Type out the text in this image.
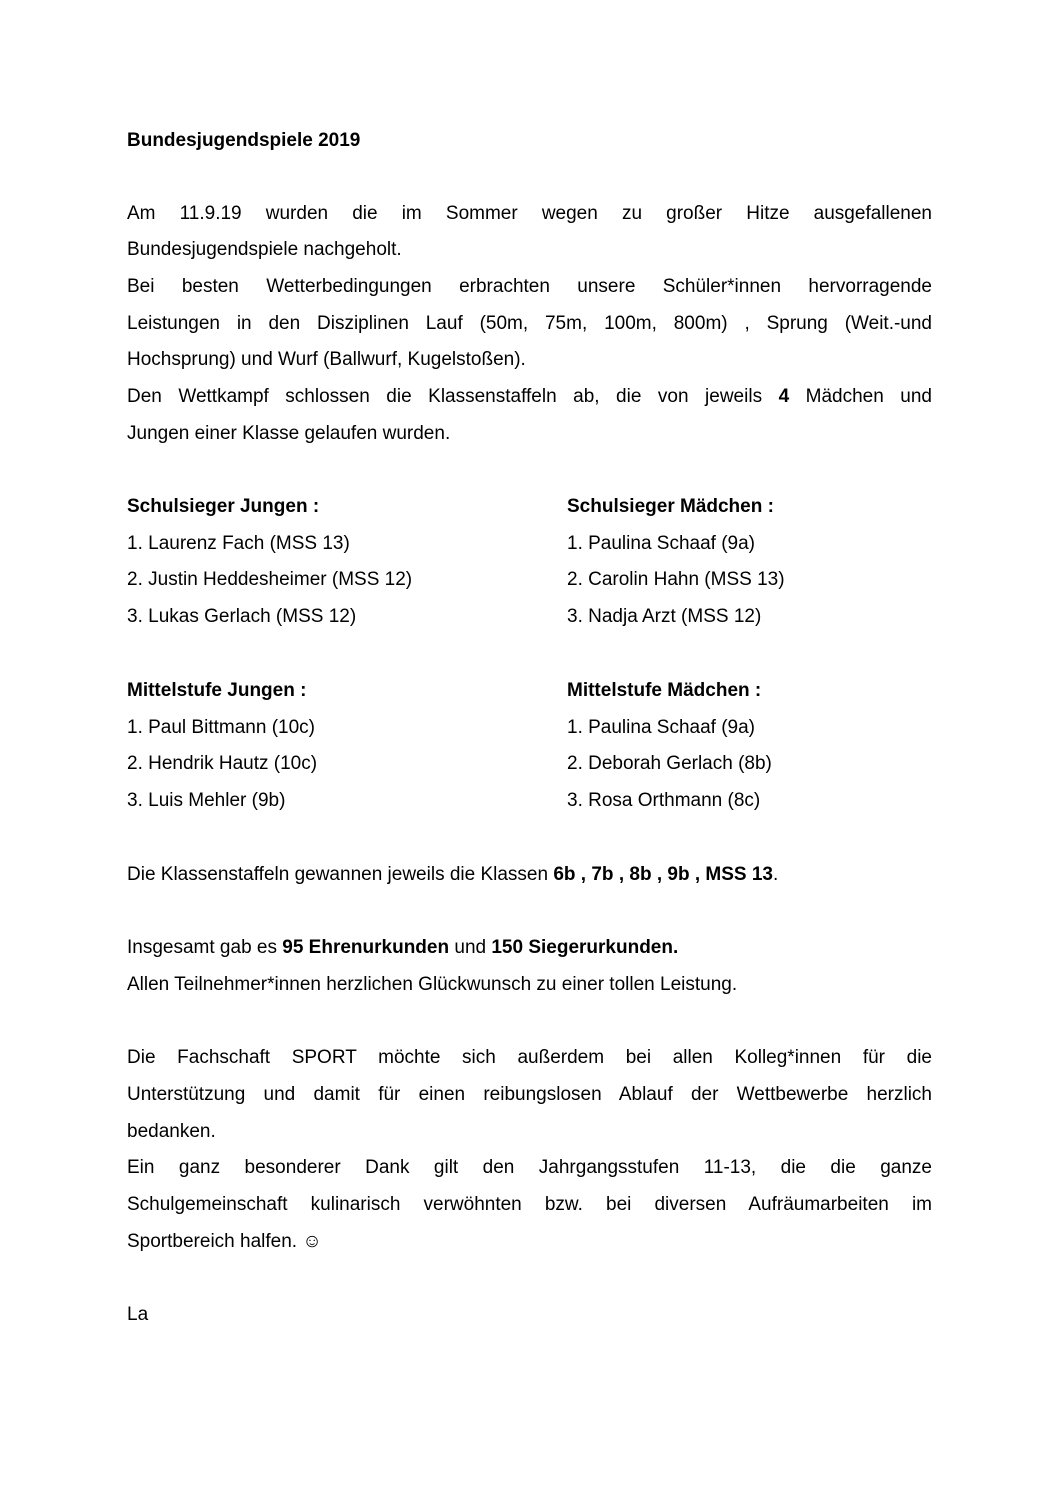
Bundesjugendspiele 2019
Am 11.9.19 wurden die im Sommer wegen zu großer Hitze ausgefallenen
Bundesjugendspiele nachgeholt.
Bei besten Wetterbedingungen erbrachten unsere Schüler*innen hervorragende
Leistungen in den Disziplinen Lauf (50m, 75m, 100m, 800m) , Sprung (Weit.-und
Hochsprung) und Wurf (Ballwurf, Kugelstoßen).
Den Wettkampf schlossen die Klassenstaffeln ab, die von jeweils 4 Mädchen und
Jungen einer Klasse gelaufen wurden.
Schulsieger Jungen :
1. Laurenz Fach (MSS 13)
2. Justin Heddesheimer (MSS 12)
3. Lukas Gerlach (MSS 12)
Schulsieger Mädchen :
1. Paulina Schaaf (9a)
2. Carolin Hahn (MSS 13)
3. Nadja Arzt (MSS 12)
Mittelstufe Jungen :
1. Paul Bittmann (10c)
2. Hendrik Hautz (10c)
3. Luis Mehler (9b)
Mittelstufe Mädchen :
1. Paulina Schaaf (9a)
2. Deborah Gerlach (8b)
3. Rosa Orthmann (8c)
Die Klassenstaffeln gewannen jeweils die Klassen 6b , 7b , 8b , 9b , MSS 13.
Insgesamt gab es 95 Ehrenurkunden und 150 Siegerurkunden.
Allen Teilnehmer*innen herzlichen Glückwunsch zu einer tollen Leistung.
Die Fachschaft SPORT möchte sich außerdem bei allen Kolleg*innen für die
Unterstützung und damit für einen reibungslosen Ablauf der Wettbewerbe herzlich
bedanken.
Ein ganz besonderer Dank gilt den Jahrgangsstufen 11-13, die die ganze
Schulgemeinschaft kulinarisch verwöhnten bzw. bei diversen Aufräumarbeiten im
Sportbereich halfen. ☺
La
